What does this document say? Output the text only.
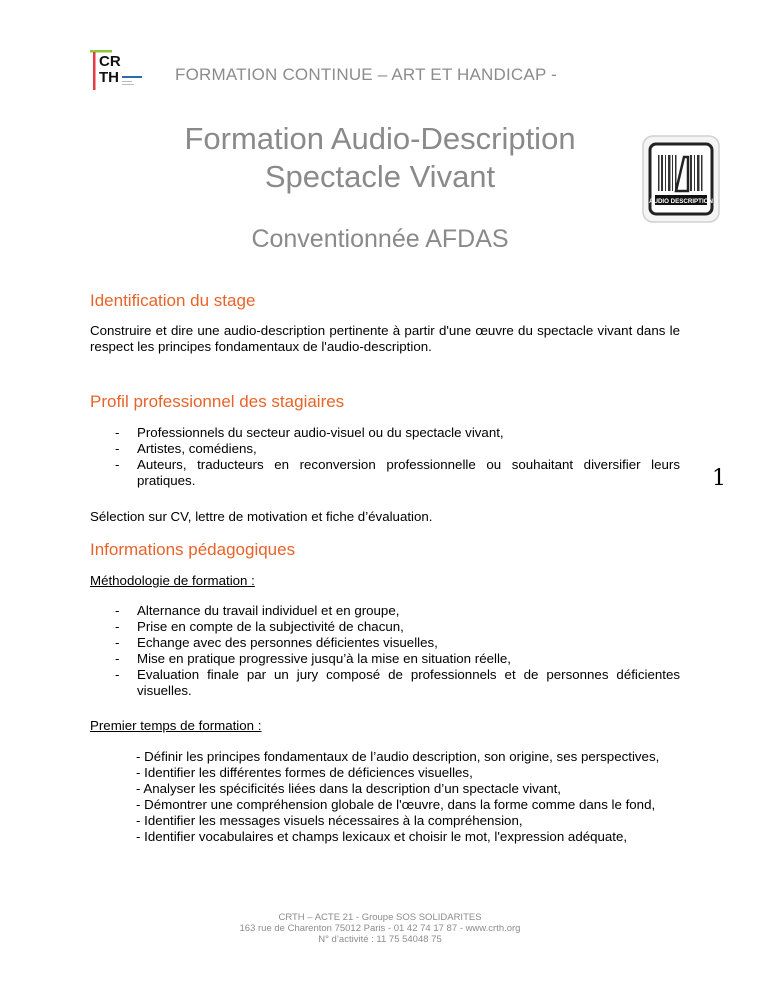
CR
TH	FORMATION CONTINUE – ART ET HANDICAP -
Formation Audio-Description
Spectacle Vivant
AUDIO DESCRIPTION
Conventionnée AFDAS
Identification du stage
Construire et dire une audio-description pertinente à partir d'une œuvre du spectacle vivant dans le respect les principes fondamentaux de l'audio-description.
Profil professionnel des stagiaires
- Professionnels du secteur audio-visuel ou du spectacle vivant,
- Artistes, comédiens,
- Auteurs, traducteurs en reconversion professionnelle ou souhaitant diversifier leurs pratiques.
Sélection sur CV, lettre de motivation et fiche d’évaluation.
Informations pédagogiques
Méthodologie de formation :
- Alternance du travail individuel et en groupe,
- Prise en compte de la subjectivité de chacun,
- Echange avec des personnes déficientes visuelles,
- Mise en pratique progressive jusqu’à la mise en situation réelle,
- Evaluation finale par un jury composé de professionnels et de personnes déficientes visuelles.
Premier temps de formation :
- Définir les principes fondamentaux de l’audio description, son origine, ses perspectives,
- Identifier les différentes formes de déficiences visuelles,
- Analyser les spécificités liées dans la description d’un spectacle vivant,
- Démontrer une compréhension globale de l'œuvre, dans la forme comme dans le fond,
- Identifier les messages visuels nécessaires à la compréhension,
- Identifier vocabulaires et champs lexicaux et choisir le mot, l'expression adéquate,
1
CRTH – ACTE 21 - Groupe SOS SOLIDARITES
163 rue de Charenton 75012 Paris - 01 42 74 17 87 - www.crth.org
N° d’activité : 11 75 54048 75
